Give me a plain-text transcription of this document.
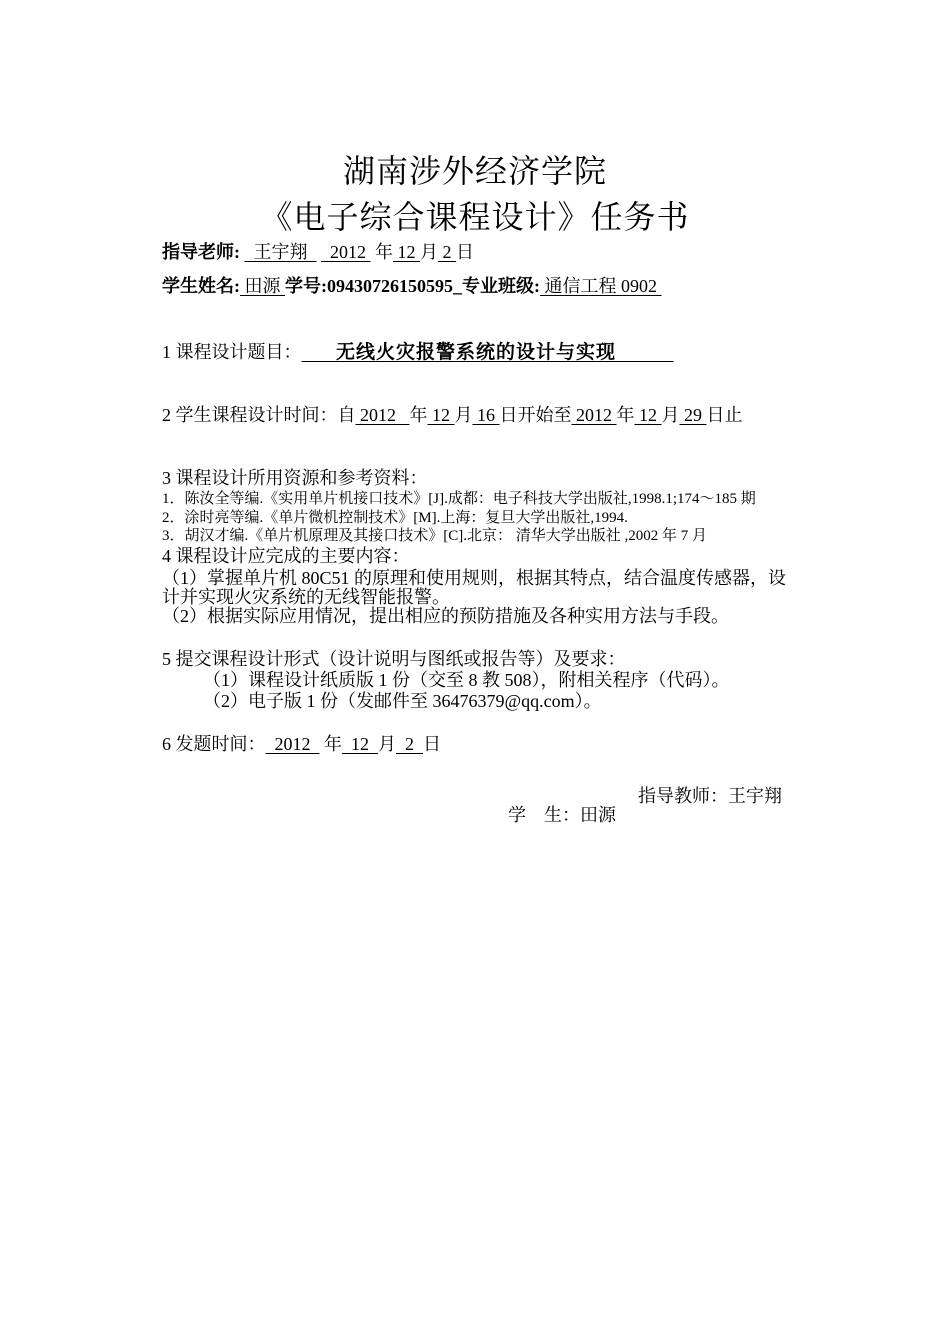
湖南涉外经济学院
《电子综合课程设计》任务书
指导老师:   王宇翔     2012  年 12 月 2 日
学生姓名: 田源 学号:09430726150595_专业班级: 通信工程 0902
1 课程设计题目：      无线火灾报警系统的设计与实现
2 学生课程设计时间：自 2012   年 12 月 16 日开始至 2012 年 12 月 29 日止
3 课程设计所用资源和参考资料：
1．陈汝全等编.《实用单片机接口技术》[J].成都：电子科技大学出版社,1998.1;174～185 期
2．涂时亮等编.《单片微机控制技术》[M].上海：复旦大学出版社,1994.
3．胡汉才编.《单片机原理及其接口技术》[C].北京： 清华大学出版社 ,2002 年 7 月
4 课程设计应完成的主要内容：
（1）掌握单片机 80C51 的原理和使用规则，根据其特点，结合温度传感器，设
计并实现火灾系统的无线智能报警。
（2）根据实际应用情况，提出相应的预防措施及各种实用方法与手段。
5 提交课程设计形式（设计说明与图纸或报告等）及要求：
（1）课程设计纸质版 1 份（交至 8 教 508），附相关程序（代码）。
（2）电子版 1 份（发邮件至 36476379@qq.com）。
6 发题时间：  2012   年  12  月  2  日
指导教师：王宇翔
学    生：田源
